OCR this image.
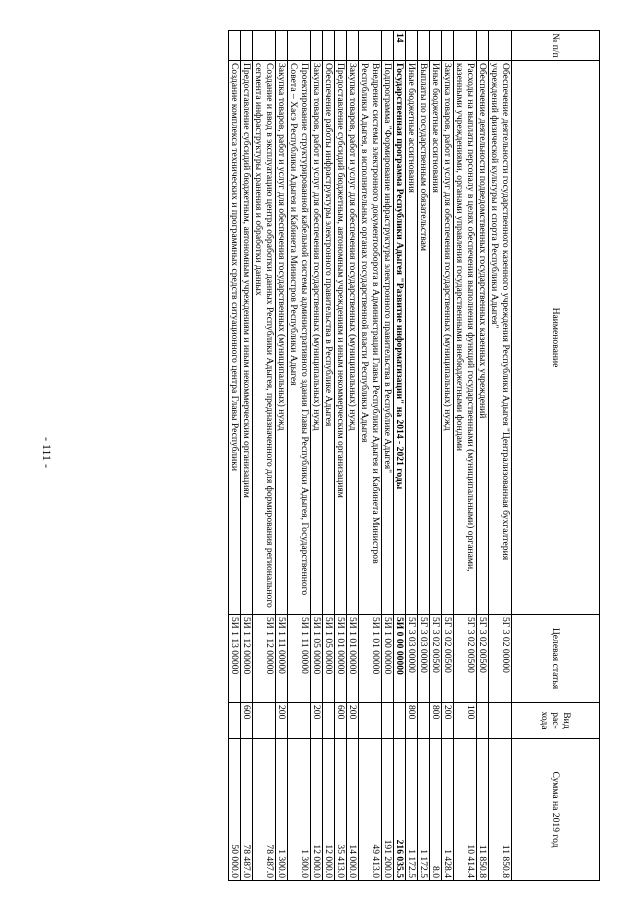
- 111 -
№ п/п	Наименование	Целевая статья	Вид рас-хода	Сумма на 2019 год
	Обеспечение деятельности государственного казенного учреждения Республики Адыгея "Централизованная бухгалтерия учреждений физической культуры и спорта Республики Адыгея"	5Г 3 02 00000		11 850.8
	Обеспечение деятельности подведомственных государственных казенных учреждений	5Г 3 02 00500		11 850.8
	Расходы на выплаты персоналу в целях обеспечения выполнения функций государственными (муниципальными) органами, казенными учреждениями, органами управления государственными внебюджетными фондами	5Г 3 02 00500	100	10 414.4
	Закупка товаров, работ и услуг для обеспечения государственных (муниципальных) нужд	5Г 3 02 00500	200	1 428.4
	Иные бюджетные ассигнования	5Г 3 02 00500	800	8.0
	Выплаты по государственным обязательствам	5Г 3 03 00000		1 172.5
	Иные бюджетные ассигнования	5Г 3 03 00000	800	1 172.5
14	Государственная программа Республики Адыгея "Развитие информатизации" на 2014 - 2021 годы	5И 0 00 00000		216 035.5
	Подпрограмма "Формирование инфраструктуры электронного правительства в Республике Адыгея"	5И 1 00 00000		191 200.0
	Внедрение системы электронного документооборота в Администрации Главы Республики Адыгея и Кабинета Министров Республики Адыгея, в исполнительных органах государственной власти Республики Адыгея	5И 1 01 00000		49 413.0
	Закупка товаров, работ и услуг для обеспечения государственных (муниципальных) нужд	5И 1 01 00000	200	14 000.0
	Предоставление субсидий бюджетным, автономным учреждениям и иным некоммерческим организациям	5И 1 01 00000	600	35 413.0
	Обеспечение работы инфраструктуры электронного правительства в Республике Адыгея	5И 1 05 00000		12 000.0
	Закупка товаров, работ и услуг для обеспечения государственных (муниципальных) нужд	5И 1 05 00000	200	12 000.0
	Проектирование структурированной кабельной системы административного здания Главы Республики Адыгея, Государственного Совета – Хасэ Республики Адыгея и Кабинета Министров Республики Адыгея	5И 1 11 00000		1 300.0
	Закупка товаров, работ и услуг для обеспечения государственных (муниципальных) нужд	5И 1 11 00000	200	1 300.0
	Создание и ввод в эксплуатацию центра обработки данных Республики Адыгея, предназначенного для формирования регионального сегмента инфраструктуры хранения и обработки данных	5И 1 12 00000		78 487.0
	Предоставление субсидий бюджетным, автономным учреждениям и иным некоммерческим организациям	5И 1 12 00000	600	78 487.0
	Создание комплекса технических и программных средств ситуационного центра Главы Республики	5И 1 13 00000		50 000.0
